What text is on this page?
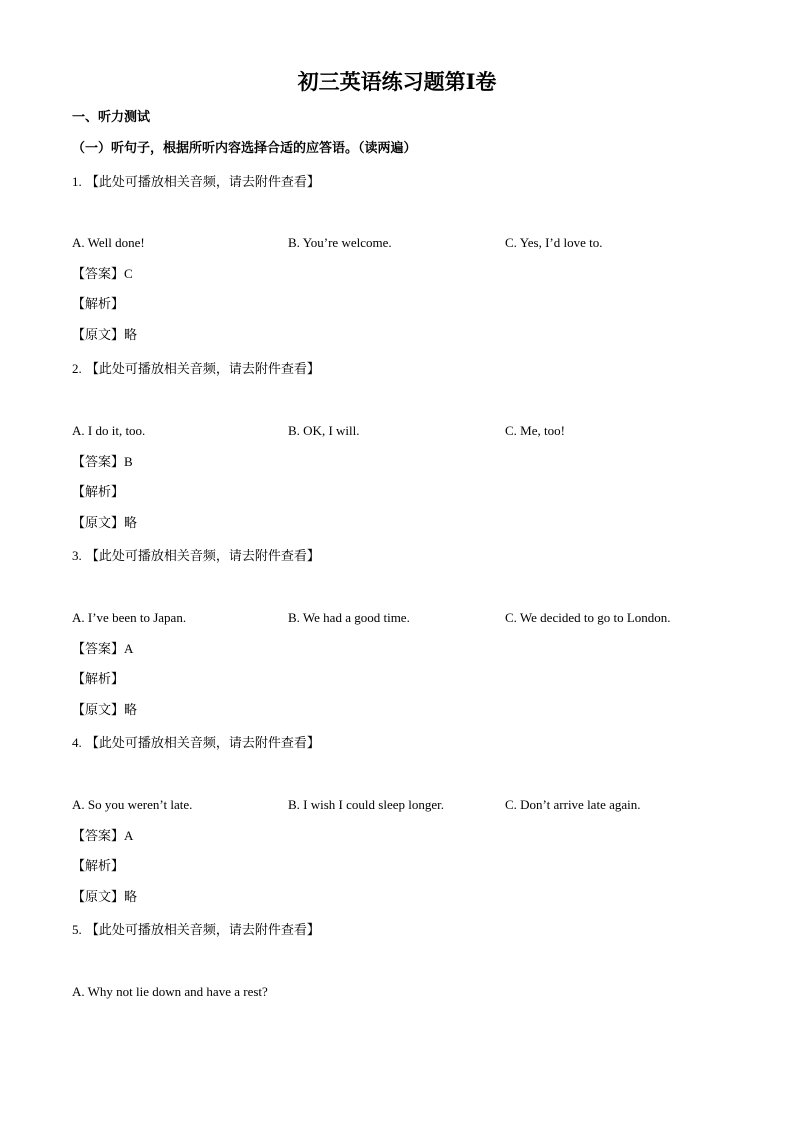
初三英语练习题第Ⅰ卷
一、听力测试
（一）听句子，根据所听内容选择合适的应答语。（读两遍）
1. 【此处可播放相关音频，请去附件查看】
A. Well done!	B. You’re welcome.	C. Yes, I’d love to.
【答案】C
【解析】
【原文】略
2. 【此处可播放相关音频，请去附件查看】
A. I do it, too.	B. OK, I will.	C. Me, too!
【答案】B
【解析】
【原文】略
3. 【此处可播放相关音频，请去附件查看】
A. I’ve been to Japan.	B. We had a good time.	C. We decided to go to London.
【答案】A
【解析】
【原文】略
4. 【此处可播放相关音频，请去附件查看】
A. So you weren’t late.	B. I wish I could sleep longer.	C. Don’t arrive late again.
【答案】A
【解析】
【原文】略
5. 【此处可播放相关音频，请去附件查看】
A. Why not lie down and have a rest?
